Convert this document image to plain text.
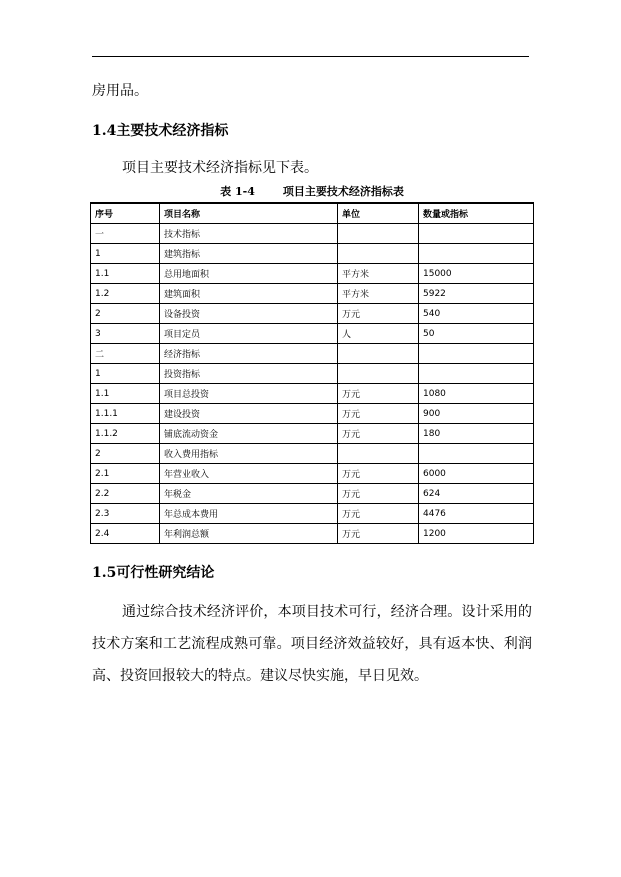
房用品。
1.4主要技术经济指标
项目主要技术经济指标见下表。
表 1-4	项目主要技术经济指标表
序号	项目名称	单位	数量或指标
一	技术指标		
1	建筑指标		
1.1	总用地面积	平方米	15000
1.2	建筑面积	平方米	5922
2	设备投资	万元	540
3	项目定员	人	50
二	经济指标		
1	投资指标		
1.1	项目总投资	万元	1080
1.1.1	建设投资	万元	900
1.1.2	铺底流动资金	万元	180
2	收入费用指标		
2.1	年营业收入	万元	6000
2.2	年税金	万元	624
2.3	年总成本费用	万元	4476
2.4	年利润总额	万元	1200
1.5可行性研究结论

通过综合技术经济评价，本项目技术可行，经济合理。设计采用的技术方案和工艺流程成熟可靠。项目经济效益较好，具有返本快、利润高、投资回报较大的特点。建议尽快实施，早日见效。
